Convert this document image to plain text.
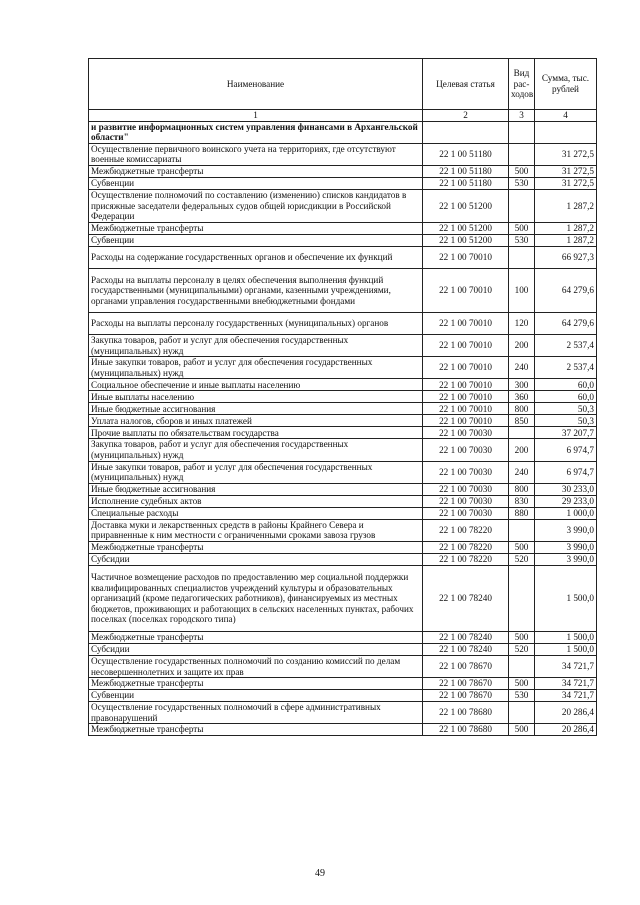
Наименование	Целевая статья	Вид рас-ходов	Сумма, тыс. рублей
1	2	3	4
и развитие информационных систем управления финансами в Архангельской области"			
Осуществление первичного воинского учета на территориях, где отсутствуют военные комиссариаты	22 1 00 51180		31 272,5
Межбюджетные трансферты	22 1 00 51180	500	31 272,5
Субвенции	22 1 00 51180	530	31 272,5
Осуществление полномочий по составлению (изменению) списков кандидатов в присяжные заседатели федеральных судов общей юрисдикции в Российской Федерации	22 1 00 51200		1 287,2
Межбюджетные трансферты	22 1 00 51200	500	1 287,2
Субвенции	22 1 00 51200	530	1 287,2
Расходы на содержание государственных органов и обеспечение их функций	22 1 00 70010		66 927,3
Расходы на выплаты персоналу в целях обеспечения выполнения функций государственными (муниципальными) органами, казенными учреждениями, органами управления государственными внебюджетными фондами	22 1 00 70010	100	64 279,6
Расходы на выплаты персоналу государственных (муниципальных) органов	22 1 00 70010	120	64 279,6
Закупка товаров, работ и услуг для обеспечения государственных (муниципальных) нужд	22 1 00 70010	200	2 537,4
Иные закупки товаров, работ и услуг для обеспечения государственных (муниципальных) нужд	22 1 00 70010	240	2 537,4
Социальное обеспечение и иные выплаты населению	22 1 00 70010	300	60,0
Иные выплаты населению	22 1 00 70010	360	60,0
Иные бюджетные ассигнования	22 1 00 70010	800	50,3
Уплата налогов, сборов и иных платежей	22 1 00 70010	850	50,3
Прочие выплаты по обязательствам государства	22 1 00 70030		37 207,7
Закупка товаров, работ и услуг для обеспечения государственных (муниципальных) нужд	22 1 00 70030	200	6 974,7
Иные закупки товаров, работ и услуг для обеспечения государственных (муниципальных) нужд	22 1 00 70030	240	6 974,7
Иные бюджетные ассигнования	22 1 00 70030	800	30 233,0
Исполнение судебных актов	22 1 00 70030	830	29 233,0
Специальные расходы	22 1 00 70030	880	1 000,0
Доставка муки и лекарственных средств в районы Крайнего Севера и приравненные к ним местности с ограниченными сроками завоза грузов	22 1 00 78220		3 990,0
Межбюджетные трансферты	22 1 00 78220	500	3 990,0
Субсидии	22 1 00 78220	520	3 990,0
Частичное возмещение расходов по предоставлению мер социальной поддержки квалифицированных специалистов учреждений культуры и образовательных организаций (кроме педагогических работников), финансируемых из местных бюджетов, проживающих и работающих в сельских населенных пунктах, рабочих поселках (поселках городского типа)	22 1 00 78240		1 500,0
Межбюджетные трансферты	22 1 00 78240	500	1 500,0
Субсидии	22 1 00 78240	520	1 500,0
Осуществление государственных полномочий по созданию комиссий по делам несовершеннолетних и защите их прав	22 1 00 78670		34 721,7
Межбюджетные трансферты	22 1 00 78670	500	34 721,7
Субвенции	22 1 00 78670	530	34 721,7
Осуществление государственных полномочий в сфере административных правонарушений	22 1 00 78680		20 286,4
Межбюджетные трансферты	22 1 00 78680	500	20 286,4
49
